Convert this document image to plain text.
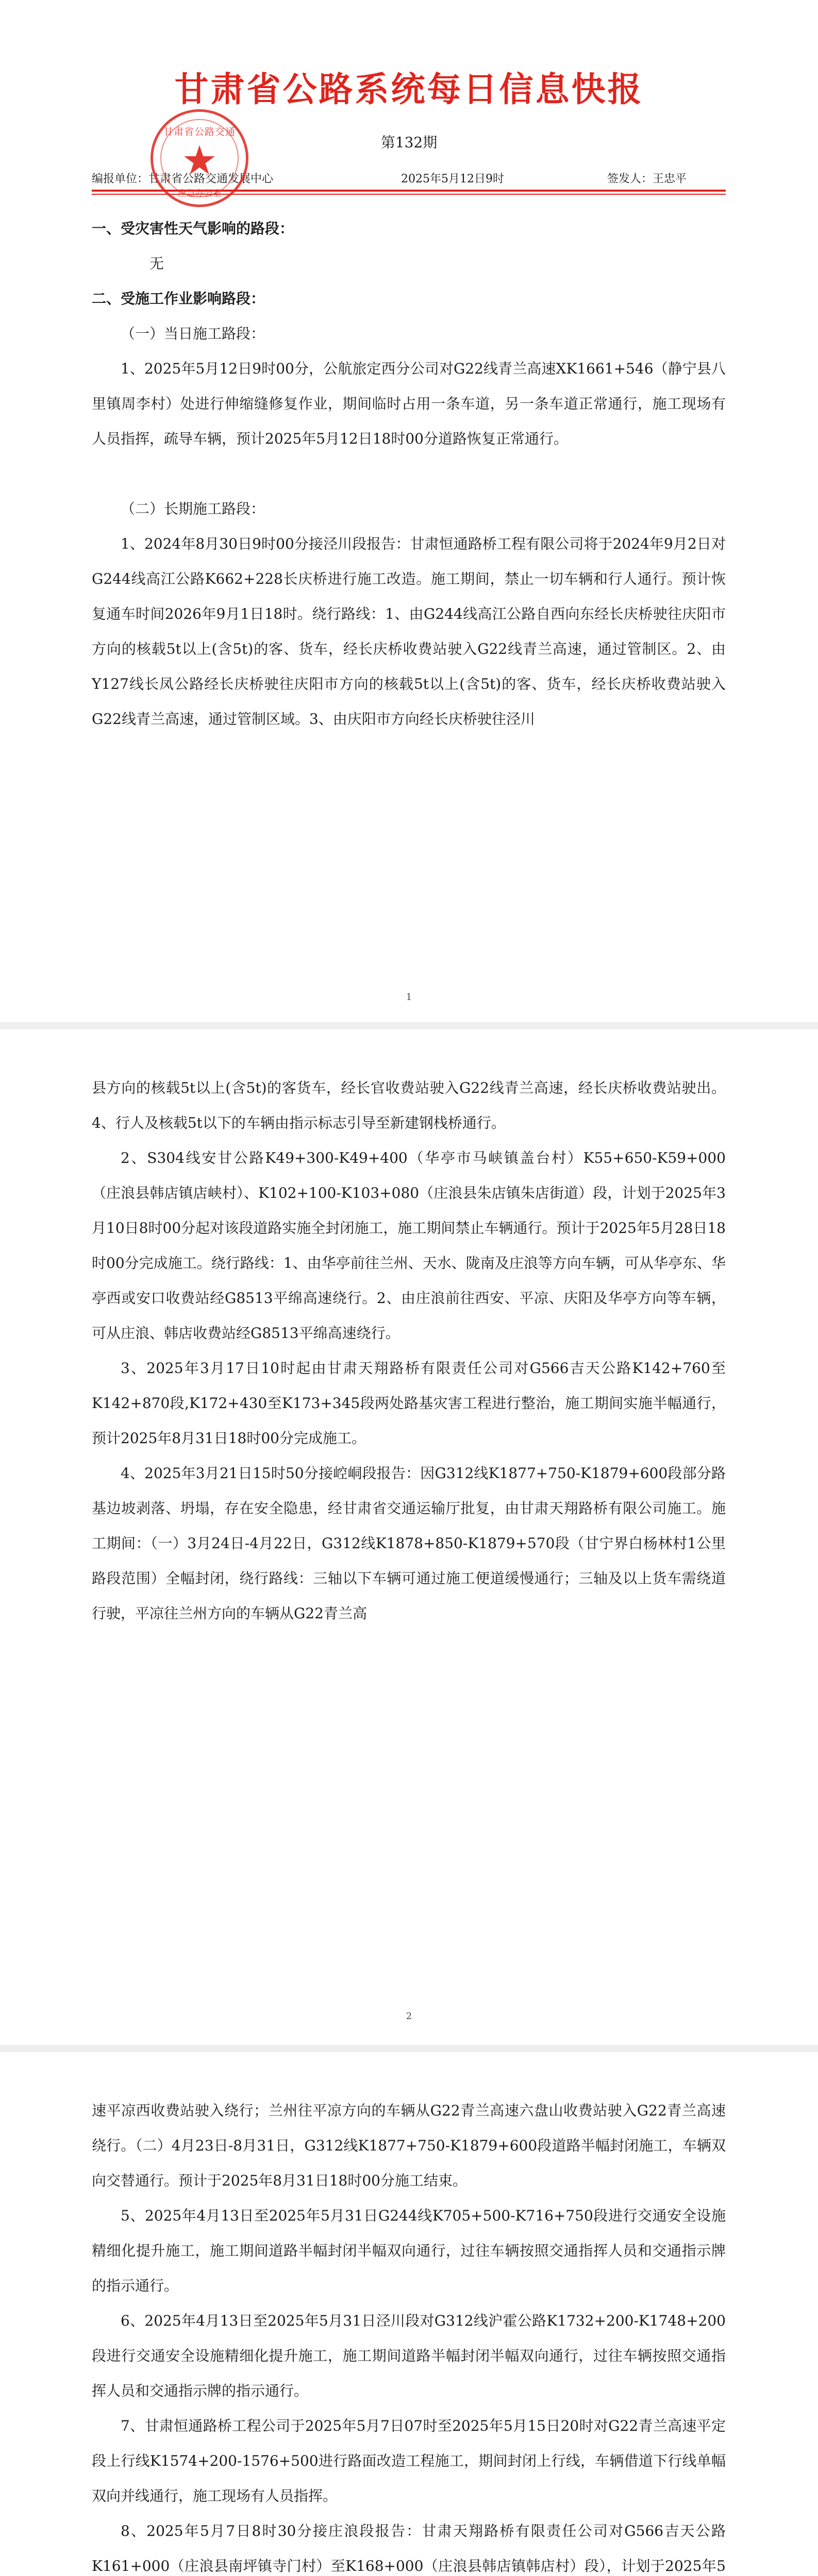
甘肃省公路系统每日信息快报
第132期
编报单位：甘肃省公路交通发展中心	2025年5月12日9时	签发人：王忠平
甘肃省公路交通
★
应急办公室

一、受灾害性天气影响的路段：

无

二、受施工作业影响路段：

（一）当日施工路段：

1、2025年5月12日9时00分，公航旅定西分公司对G22线青兰高速XK1661+546（静宁县八里镇周李村）处进行伸缩缝修复作业，期间临时占用一条车道，另一条车道正常通行，施工现场有人员指挥，疏导车辆，预计2025年5月12日18时00分道路恢复正常通行。

（二）长期施工路段：

1、2024年8月30日9时00分接泾川段报告：甘肃恒通路桥工程有限公司将于2024年9月2日对G244线高江公路K662+228长庆桥进行施工改造。施工期间，禁止一切车辆和行人通行。预计恢复通车时间2026年9月1日18时。绕行路线：1、由G244线高江公路自西向东经长庆桥驶往庆阳市方向的核载5t以上(含5t)的客、货车，经长庆桥收费站驶入G22线青兰高速，通过管制区。2、由Y127线长凤公路经长庆桥驶往庆阳市方向的核载5t以上(含5t)的客、货车，经长庆桥收费站驶入G22线青兰高速，通过管制区域。3、由庆阳市方向经长庆桥驶往泾川

1

县方向的核载5t以上(含5t)的客货车，经长官收费站驶入G22线青兰高速，经长庆桥收费站驶出。4、行人及核载5t以下的车辆由指示标志引导至新建钢栈桥通行。

2、S304线安甘公路K49+300-K49+400（华亭市马峡镇盖台村）K55+650-K59+000（庄浪县韩店镇店峡村）、K102+100-K103+080（庄浪县朱店镇朱店街道）段，计划于2025年3月10日8时00分起对该段道路实施全封闭施工，施工期间禁止车辆通行。预计于2025年5月28日18时00分完成施工。绕行路线：1、由华亭前往兰州、天水、陇南及庄浪等方向车辆，可从华亭东、华亭西或安口收费站经G8513平绵高速绕行。2、由庄浪前往西安、平凉、庆阳及华亭方向等车辆，可从庄浪、韩店收费站经G8513平绵高速绕行。

3、2025年3月17日10时起由甘肃天翔路桥有限责任公司对G566吉天公路K142+760至K142+870段,K172+430至K173+345段两处路基灾害工程进行整治，施工期间实施半幅通行，预计2025年8月31日18时00分完成施工。

4、2025年3月21日15时50分接崆峒段报告：因G312线K1877+750-K1879+600段部分路基边坡剥落、坍塌，存在安全隐患，经甘肃省交通运输厅批复，由甘肃天翔路桥有限公司施工。施工期间：（一）3月24日-4月22日，G312线K1878+850-K1879+570段（甘宁界白杨林村1公里路段范围）全幅封闭，绕行路线：三轴以下车辆可通过施工便道缓慢通行；三轴及以上货车需绕道行驶，平凉往兰州方向的车辆从G22青兰高

2

速平凉西收费站驶入绕行；兰州往平凉方向的车辆从G22青兰高速六盘山收费站驶入G22青兰高速绕行。（二）4月23日-8月31日，G312线K1877+750-K1879+600段道路半幅封闭施工，车辆双向交替通行。预计于2025年8月31日18时00分施工结束。

5、2025年4月13日至2025年5月31日G244线K705+500-K716+750段进行交通安全设施精细化提升施工，施工期间道路半幅封闭半幅双向通行，过往车辆按照交通指挥人员和交通指示牌的指示通行。

6、2025年4月13日至2025年5月31日泾川段对G312线沪霍公路K1732+200-K1748+200段进行交通安全设施精细化提升施工，施工期间道路半幅封闭半幅双向通行，过往车辆按照交通指挥人员和交通指示牌的指示通行。

7、甘肃恒通路桥工程公司于2025年5月7日07时至2025年5月15日20时对G22青兰高速平定段上行线K1574+200-1576+500进行路面改造工程施工，期间封闭上行线，车辆借道下行线单幅双向并线通行，施工现场有人员指挥。

8、2025年5月7日8时30分接庄浪段报告：甘肃天翔路桥有限责任公司对G566吉天公路K161+000（庄浪县南坪镇寺门村）至K168+000（庄浪县韩店镇韩店村）段），计划于2025年5
